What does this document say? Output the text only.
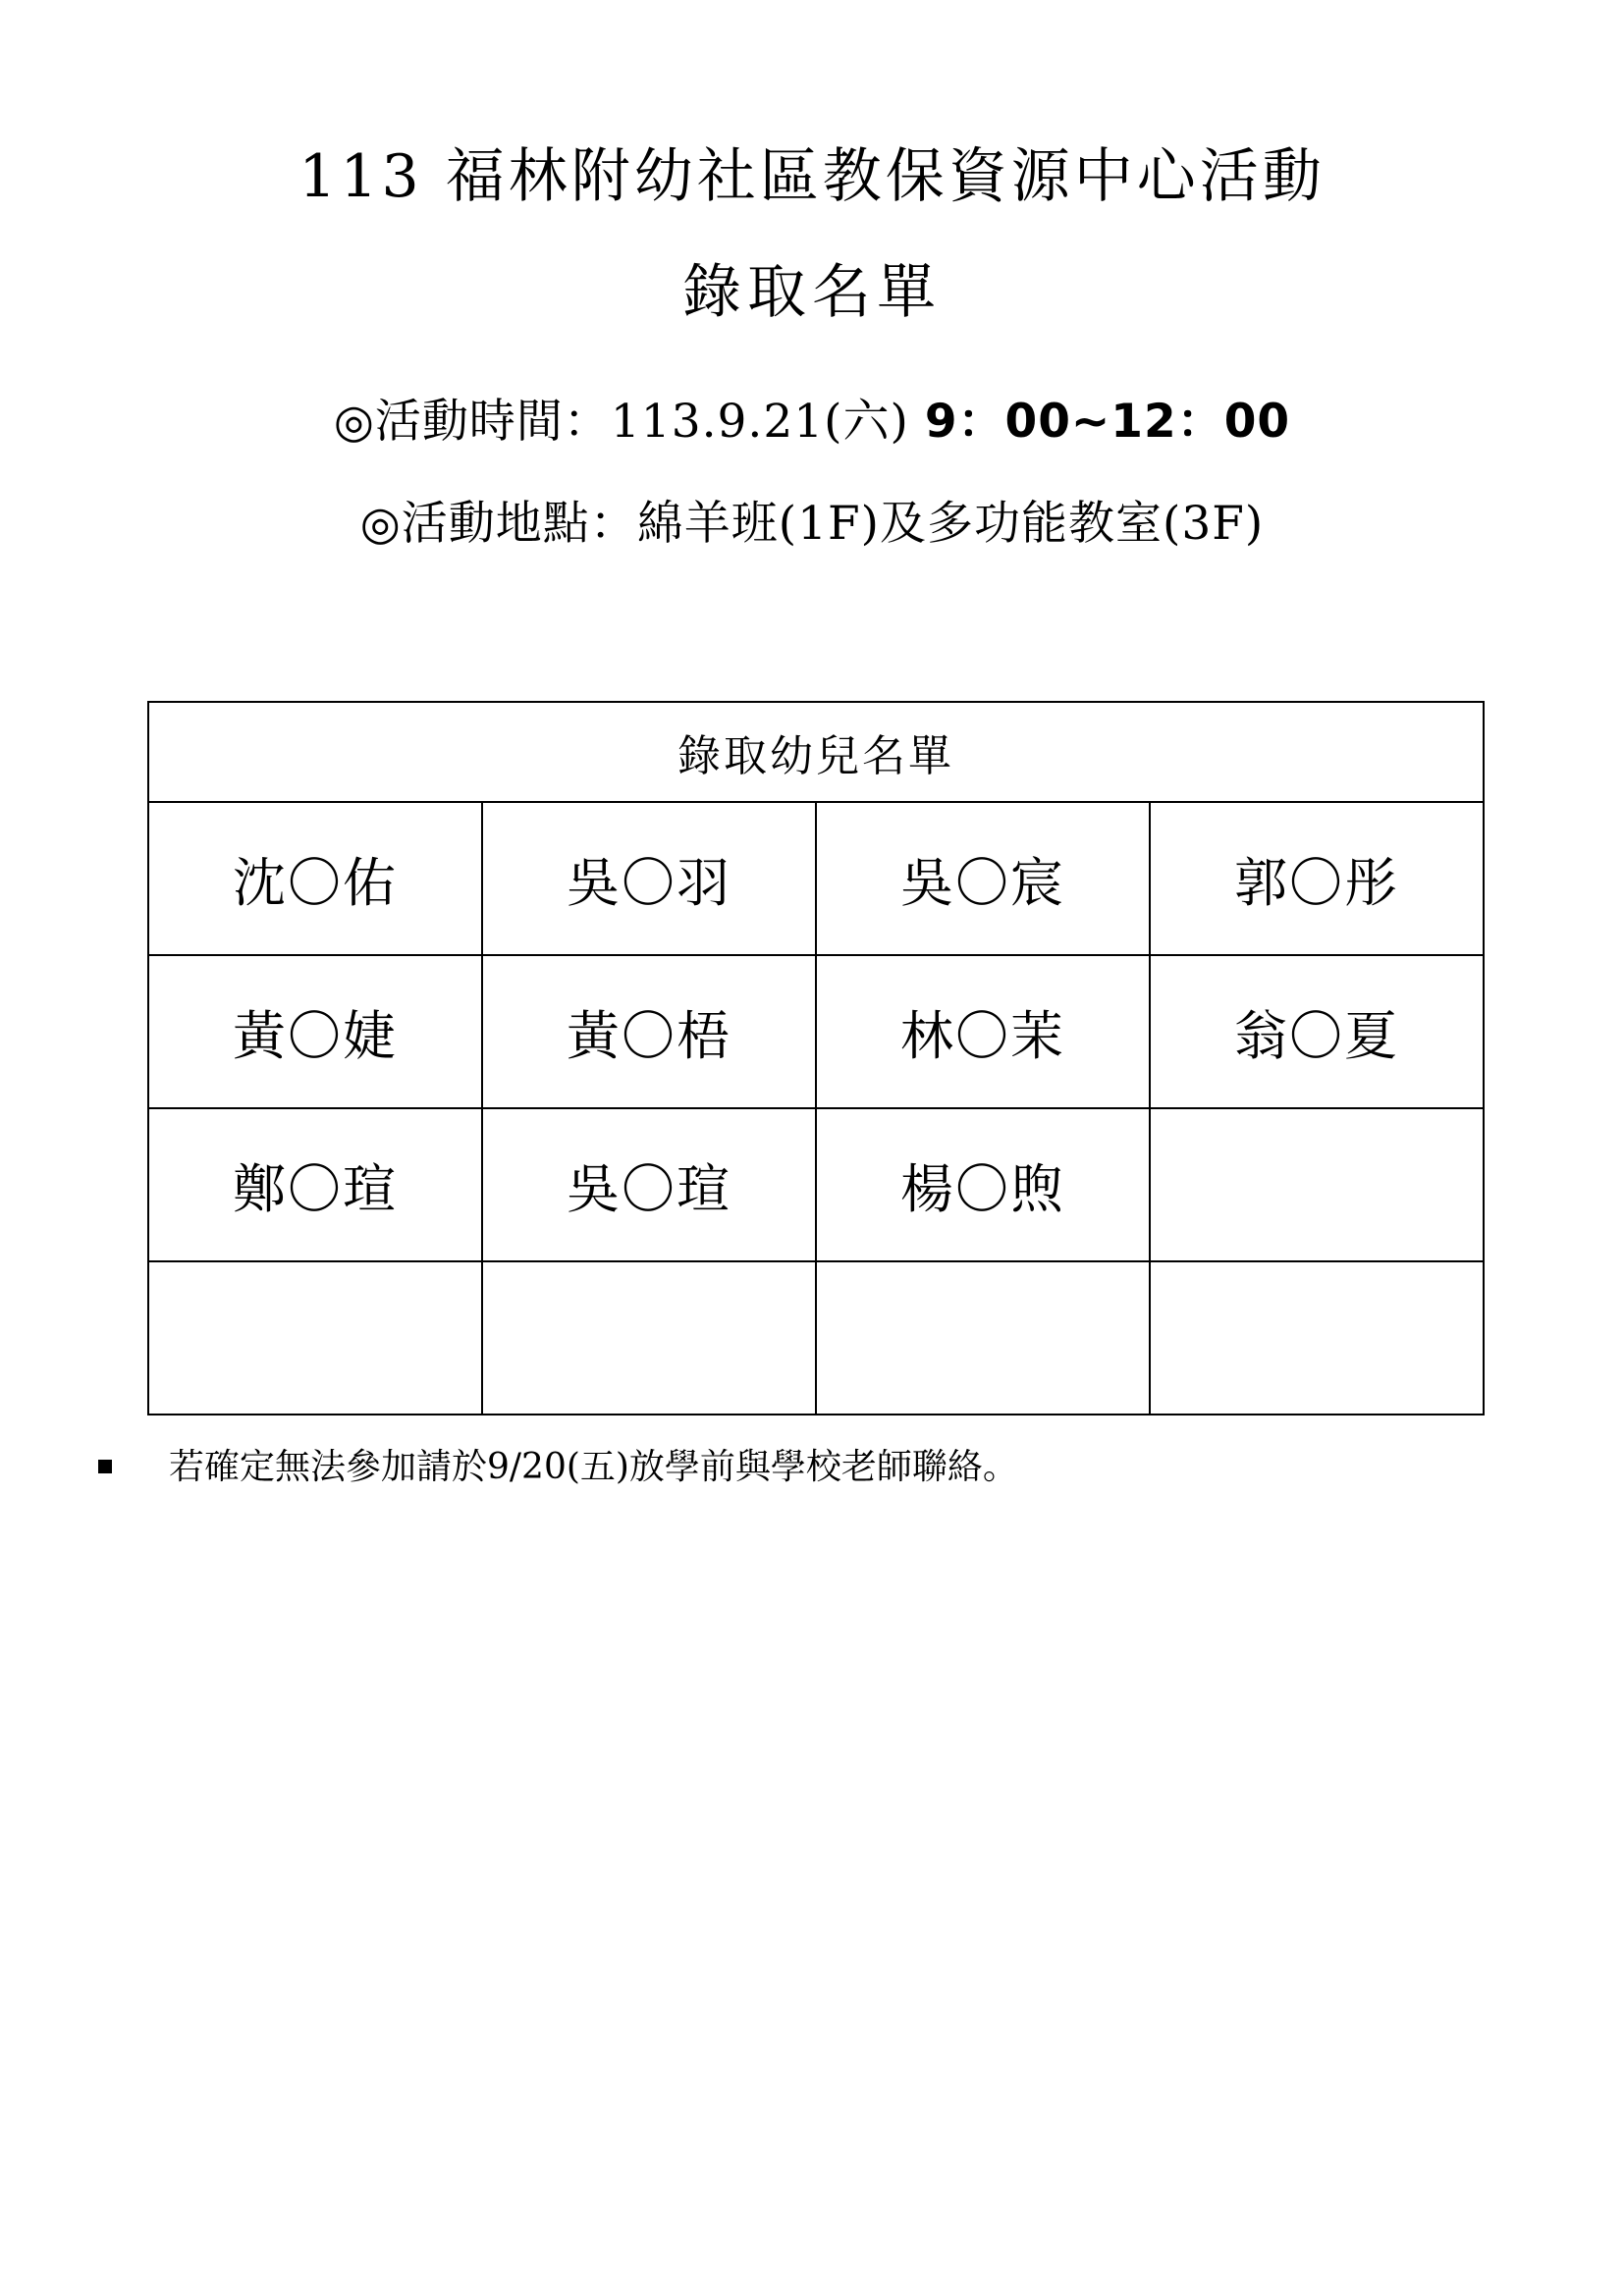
113 福林附幼社區教保資源中心活動
錄取名單
◎活動時間：113.9.21(六) 9：00~12：00
◎活動地點：綿羊班(1F)及多功能教室(3F)
錄取幼兒名單			
沈〇佑	吳〇羽	吳〇宸	郭〇彤
黃〇婕	黃〇梧	林〇茉	翁〇夏
鄭〇瑄	吳〇瑄	楊〇煦	

若確定無法參加請於9/20(五)放學前與學校老師聯絡。
